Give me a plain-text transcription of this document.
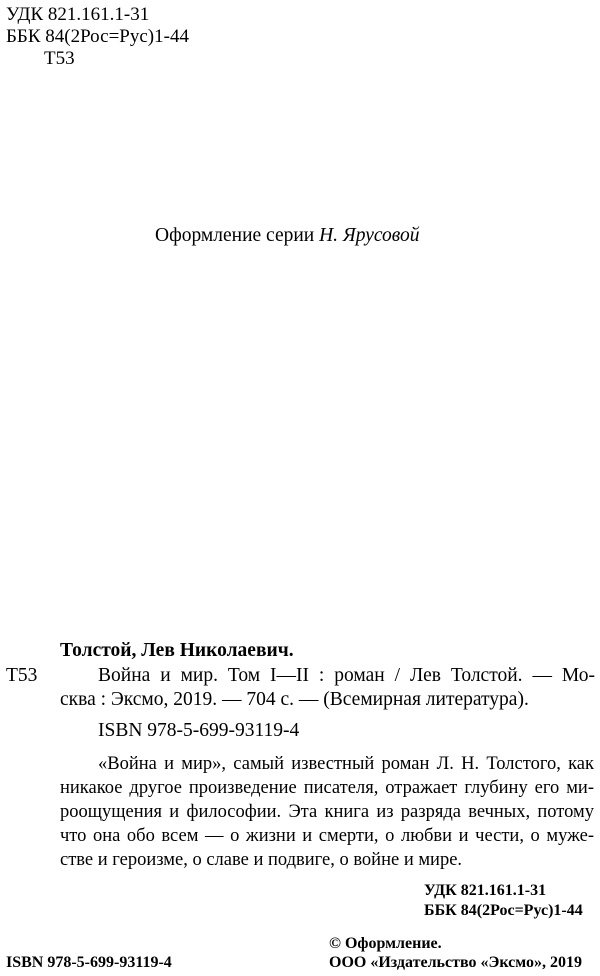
УДК 821.161.1-31
ББК 84(2Рос=Рус)1-44
Т53
Оформление серии Н. Ярусовой
Толстой, Лев Николаевич.
Т53	Война и мир. Том I—II : роман / Лев Толстой. — Мо-
сква : Эксмо, 2019. — 704 с. — (Всемирная литература).
ISBN 978-5-699-93119-4
«Война и мир», самый известный роман Л. Н. Толстого, как
никакое другое произведение писателя, отражает глубину его ми-
роощущения и философии. Эта книга из разряда вечных, потому
что она обо всем — о жизни и смерти, о любви и чести, о муже-
стве и героизме, о славе и подвиге, о войне и мире.
УДК 821.161.1-31
ББК 84(2Рос=Рус)1-44
© Оформление.
ISBN 978-5-699-93119-4	ООО «Издательство «Эксмо», 2019
